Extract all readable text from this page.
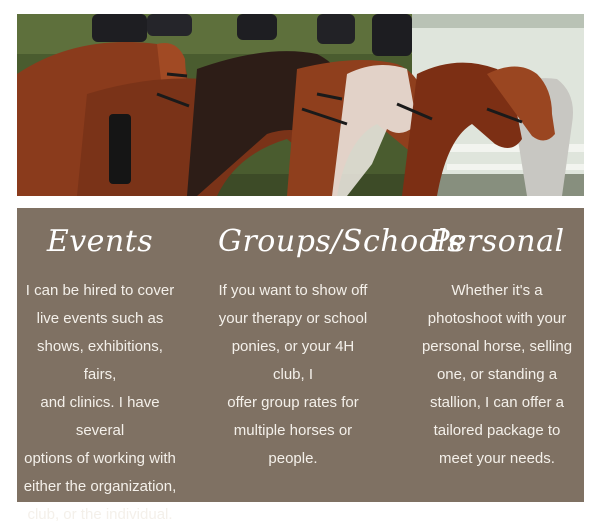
Events
I can be hired to cover
live events such as
shows, exhibitions, fairs,
and clinics. I have several
options of working with
either the organization,
club, or the individual.
Groups/Schools
If you want to show off
your therapy or school
ponies, or your 4H club, I
offer group rates for
multiple horses or
people.
Personal
Whether it's a
photoshoot with your
personal horse, selling
one, or standing a
stallion, I can offer a
tailored package to
meet your needs.
